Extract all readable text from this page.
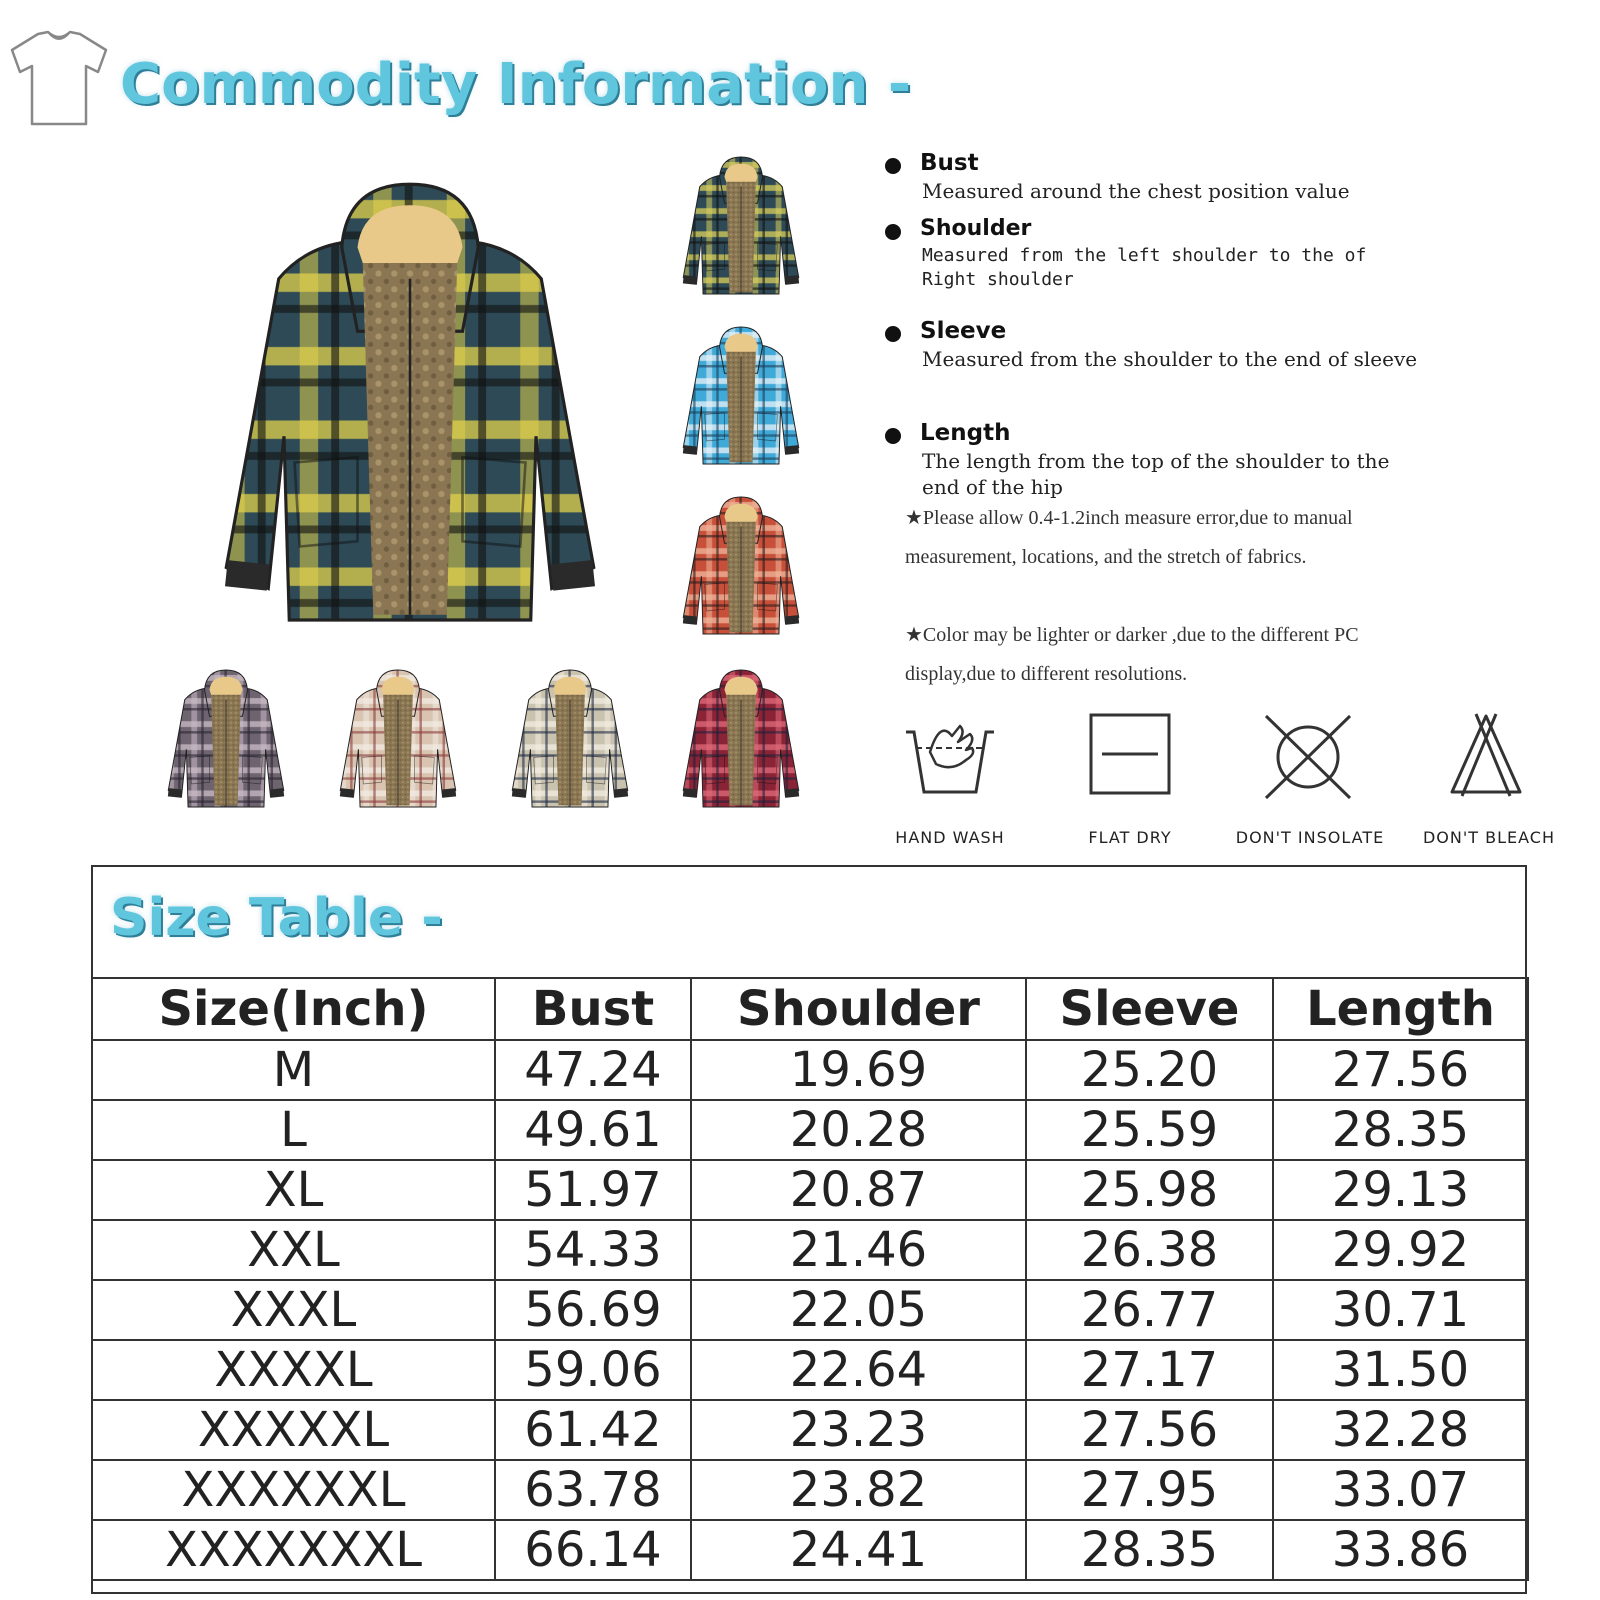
Commodity Information -
Bust
Measured around the chest position value
Shoulder
Measured from the left shoulder to the of Right shoulder
Sleeve
Measured from the shoulder to the end of sleeve
Length
The length from the top of the shoulder to the end of the hip
★Please allow 0.4-1.2inch measure error,due to manual measurement, locations, and the stretch of fabrics.
★Color may be lighter or darker ,due to the different PC display,due to different resolutions.
HAND WASH	FLAT DRY	DON'T INSOLATE	DON'T BLEACH
Size Table -
Size(Inch)	Bust	Shoulder	Sleeve	Length
M	47.24	19.69	25.20	27.56
L	49.61	20.28	25.59	28.35
XL	51.97	20.87	25.98	29.13
XXL	54.33	21.46	26.38	29.92
XXXL	56.69	22.05	26.77	30.71
XXXXL	59.06	22.64	27.17	31.50
XXXXXL	61.42	23.23	27.56	32.28
XXXXXXL	63.78	23.82	27.95	33.07
XXXXXXXL	66.14	24.41	28.35	33.86
